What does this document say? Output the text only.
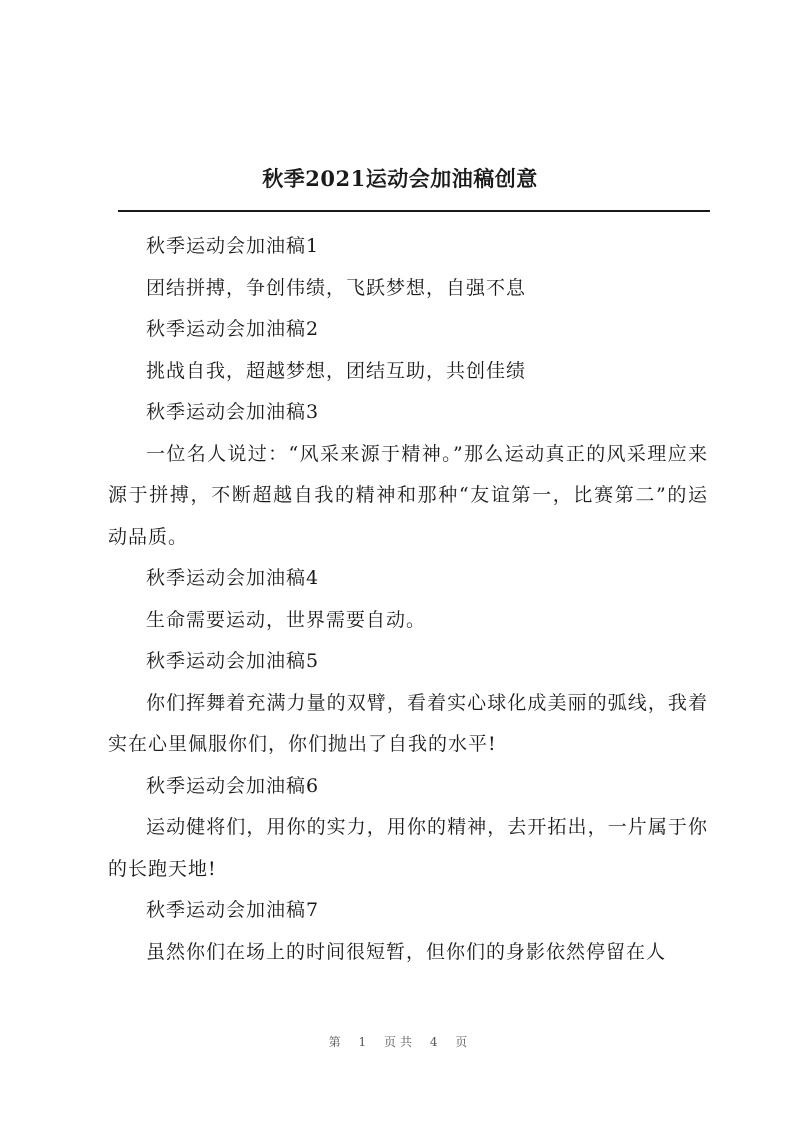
秋季2021运动会加油稿创意

秋季运动会加油稿1

团结拼搏，争创伟绩，飞跃梦想，自强不息

秋季运动会加油稿2

挑战自我，超越梦想，团结互助，共创佳绩

秋季运动会加油稿3

一位名人说过：“风采来源于精神。”那么运动真正的风采理应来源于拼搏，不断超越自我的精神和那种“友谊第一，比赛第二”的运动品质。

秋季运动会加油稿4

生命需要运动，世界需要自动。

秋季运动会加油稿5

你们挥舞着充满力量的双臂，看着实心球化成美丽的弧线，我着实在心里佩服你们，你们抛出了自我的水平!

秋季运动会加油稿6

运动健将们，用你的实力，用你的精神，去开拓出，一片属于你的长跑天地!

秋季运动会加油稿7

虽然你们在场上的时间很短暂，但你们的身影依然停留在人

第 1 页共 4 页
